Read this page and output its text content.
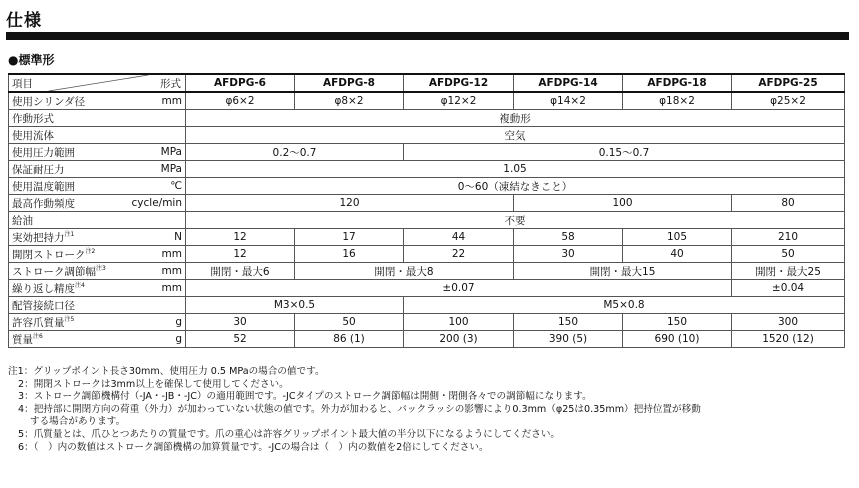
仕様
●標準形
項目 形式		AFDPG-6	AFDPG-8	AFDPG-12	AFDPG-14	AFDPG-18	AFDPG-25
使用シリンダ径	mm	φ6×2	φ8×2	φ12×2	φ14×2	φ18×2	φ25×2
作動形式		複動形					
使用流体		空気					
使用圧力範囲	MPa	0.2〜0.7		0.15〜0.7			
保証耐圧力	MPa	1.05					
使用温度範囲	℃	0〜60（凍結なきこと）					
最高作動頻度	cycle/min	120			100		80
給油		不要					
実効把持力$^{注1}$	N	12	17	44	58	105	210
開閉ストローク$^{注2}$	mm	12	16	22	30	40	50
ストローク調節幅$^{注3}$	mm	開閉・最大6	開閉・最大8		開閉・最大15		開閉・最大25
繰り返し精度$^{注4}$	mm	±0.07					±0.04
配管接続口径		M3×0.5		M5×0.8			
許容爪質量$^{注5}$	g	30	50	100	150	150	300
質量$^{注6}$	g	52	86 (1)	200 (3)	390 (5)	690 (10)	1520 (12)
注1：グリップポイント長さ30mm、使用圧力 0.5 MPaの場合の値です。
2：開閉ストロークは3mm以上を確保して使用してください。
3：ストローク調節機構付（-JA・-JB・-JC）の適用範囲です。-JCタイプのストローク調節幅は開側・閉側各々での調節幅になります。
4：把持部に開閉方向の荷重（外力）が加わっていない状態の値です。外力が加わると、バックラッシの影響により0.3mm（φ25は0.35mm）把持位置が移動
する場合があります。
5：爪質量とは、爪ひとつあたりの質量です。爪の重心は許容グリップポイント最大値の半分以下になるようにしてください。
6：（　）内の数値はストローク調節機構の加算質量です。-JCの場合は（　）内の数値を2倍にしてください。
